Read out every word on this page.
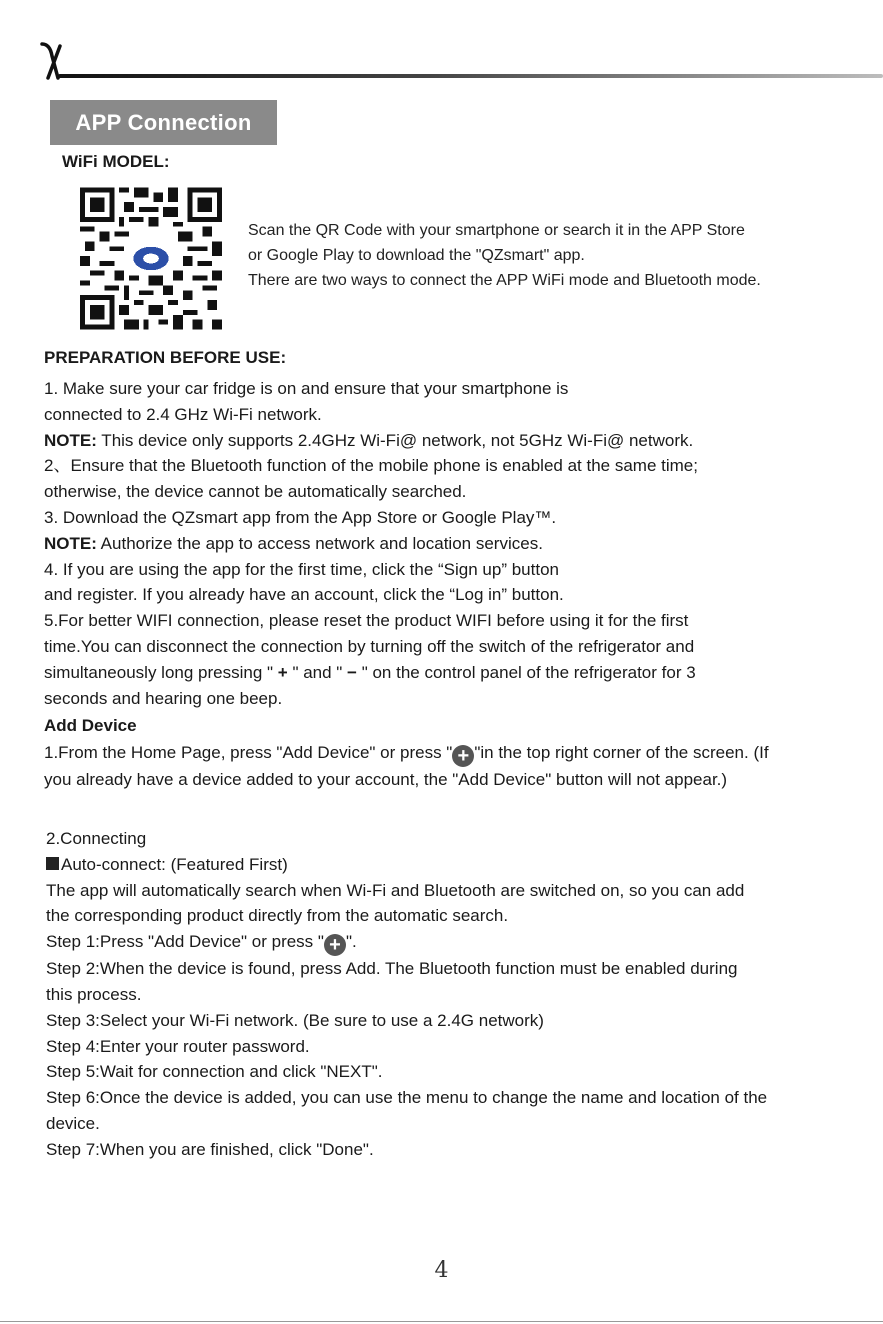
APP Connection
WiFi MODEL:
Scan the QR Code with your smartphone or search it in the APP Store
or Google Play to download the "QZsmart" app.
There are two ways to connect the APP WiFi mode and Bluetooth mode.
PREPARATION BEFORE USE:
1. Make sure your car fridge is on and ensure that your smartphone is
connected to 2.4 GHz Wi-Fi network.
NOTE: This device only supports 2.4GHz Wi-Fi@ network, not 5GHz Wi-Fi@ network.
2、Ensure that the Bluetooth function of the mobile phone is enabled at the same time;
otherwise, the device cannot be automatically searched.
3. Download the QZsmart app from the App Store or Google Play™.
NOTE: Authorize the app to access network and location services.
4. If you are using the app for the first time, click the “Sign up” button
and register. If you already have an account, click the “Log in” button.
5.For better WIFI connection, please reset the product WIFI before using it for the first
time.You can disconnect the connection by turning off the switch of the refrigerator and
simultaneously long pressing " + " and " − " on the control panel of the refrigerator for 3
seconds and hearing one beep.
Add Device
1.From the Home Page, press "Add Device" or press " + "in the top right corner of the screen. (If
you already have a device added to your account, the "Add Device" button will not appear.)
2.Connecting
Auto-connect: (Featured First)
The app will automatically search when Wi-Fi and Bluetooth are switched on, so you can add
the corresponding product directly from the automatic search.
Step 1:Press "Add Device" or press " + ".
Step 2:When the device is found, press Add. The Bluetooth function must be enabled during
this process.
Step 3:Select your Wi-Fi network. (Be sure to use a 2.4G network)
Step 4:Enter your router password.
Step 5:Wait for connection and click "NEXT".
Step 6:Once the device is added, you can use the menu to change the name and location of the
device.
Step 7:When you are finished, click "Done".
4
